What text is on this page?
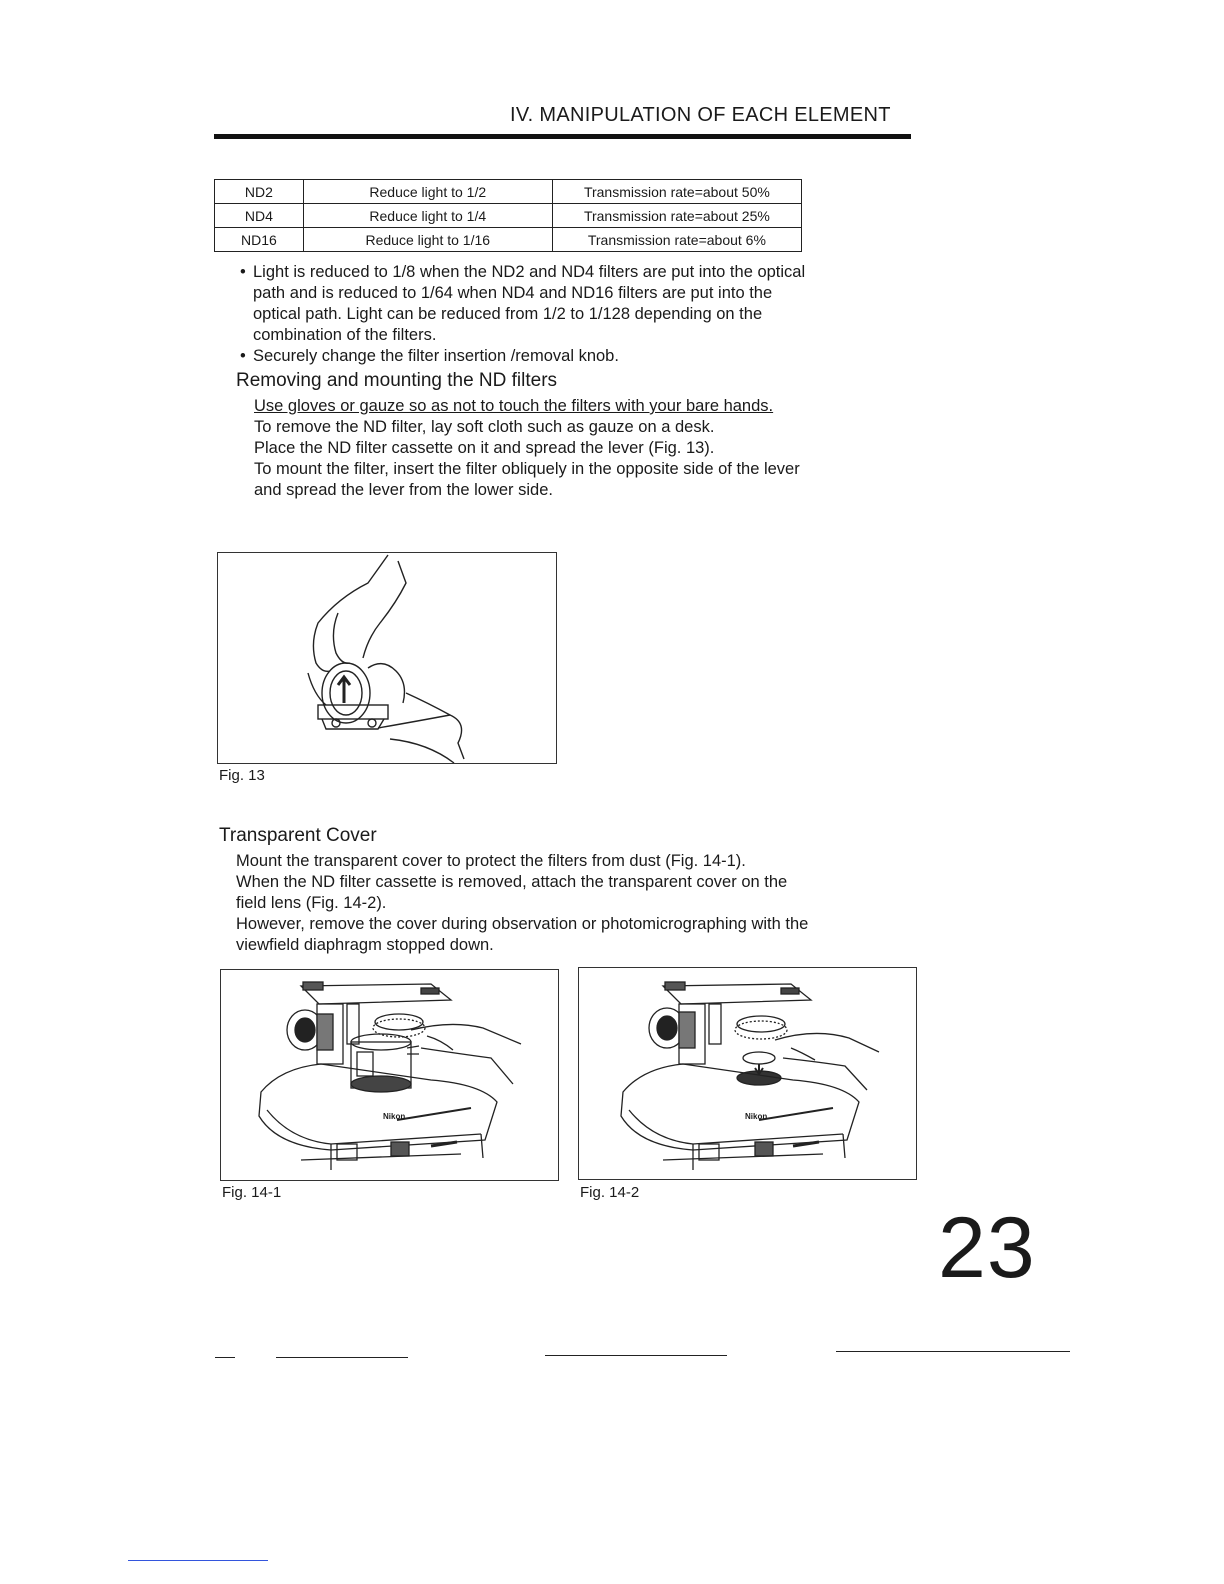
IV. MANIPULATION OF EACH ELEMENT
ND2	Reduce light to 1/2	Transmission rate=about 50%
ND4	Reduce light to 1/4	Transmission rate=about 25%
ND16	Reduce light to 1/16	Transmission rate=about 6%
• Light is reduced to 1/8 when the ND2 and ND4 filters are put into the optical path and is reduced to 1/64 when ND4 and ND16 filters are put into the optical path. Light can be reduced from 1/2 to 1/128 depending on the combination of the filters.
• Securely change the filter insertion /removal knob.
Removing and mounting the ND filters
Use gloves or gauze so as not to touch the filters with your bare hands.
To remove the ND filter, lay soft cloth such as gauze on a desk.
Place the ND filter cassette on it and spread the lever (Fig. 13).
To mount the filter, insert the filter obliquely in the opposite side of the lever and spread the lever from the lower side.
Fig. 13
Transparent Cover
Mount the transparent cover to protect the filters from dust (Fig. 14-1).
When the ND filter cassette is removed, attach the transparent cover on the field lens (Fig. 14-2).
However, remove the cover during observation or photomicrographing with the viewfield diaphragm stopped down.
Nikon
Fig. 14-1
Nikon
Fig. 14-2
23
